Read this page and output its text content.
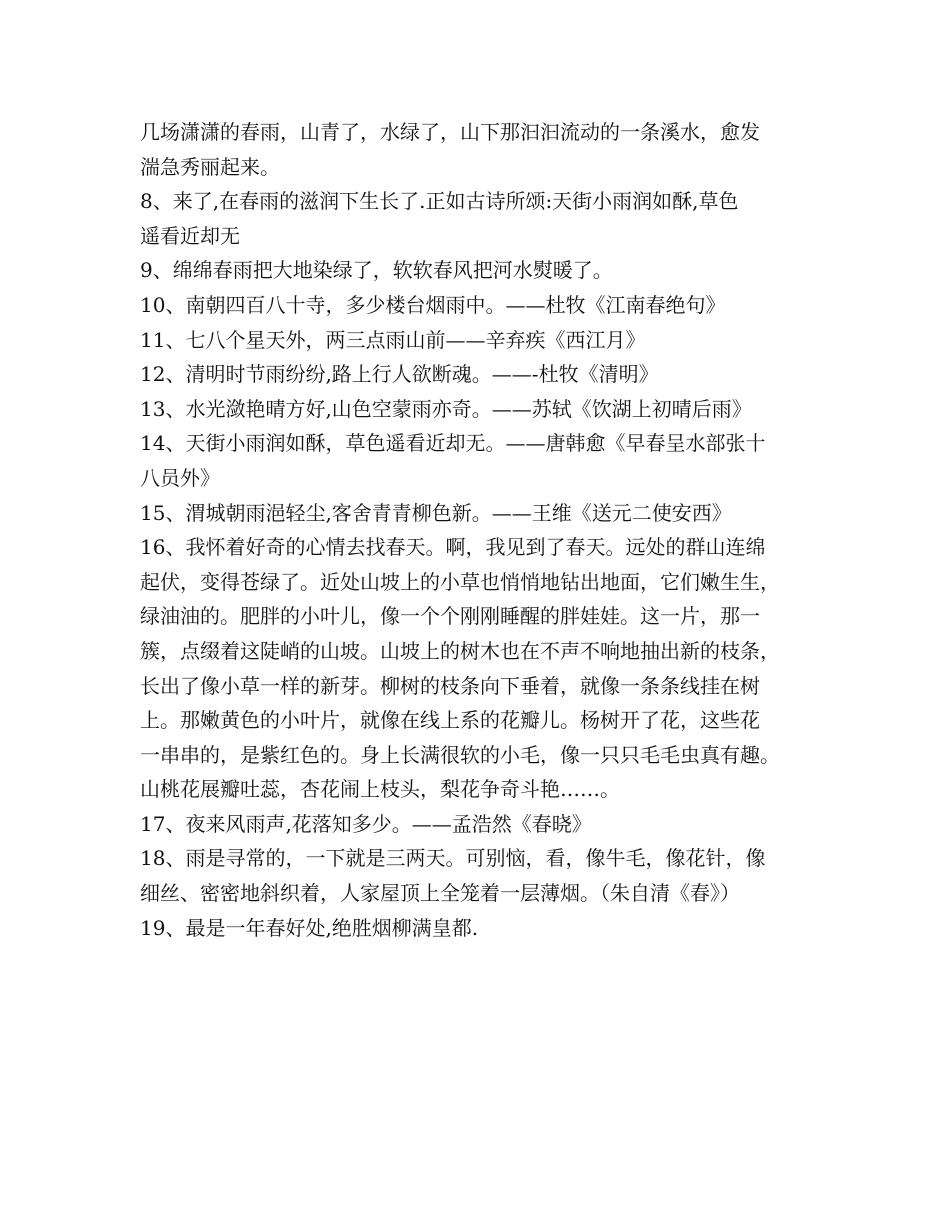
几场潇潇的春雨，山青了，水绿了，山下那汩汩流动的一条溪水，愈发
湍急秀丽起来。
8、来了,在春雨的滋润下生长了.正如古诗所颂:天街小雨润如酥,草色
遥看近却无
9、绵绵春雨把大地染绿了，软软春风把河水熨暖了。
10、南朝四百八十寺，多少楼台烟雨中。——杜牧《江南春绝句》
11、七八个星天外，两三点雨山前——辛弃疾《西江月》
12、清明时节雨纷纷,路上行人欲断魂。——-杜牧《清明》
13、水光潋艳晴方好,山色空蒙雨亦奇。——苏轼《饮湖上初晴后雨》
14、天街小雨润如酥，草色遥看近却无。——唐韩愈《早春呈水部张十
八员外》
15、渭城朝雨浥轻尘,客舍青青柳色新。——王维《送元二使安西》
16、我怀着好奇的心情去找春天。啊，我见到了春天。远处的群山连绵
起伏，变得苍绿了。近处山坡上的小草也悄悄地钻出地面，它们嫩生生，
绿油油的。肥胖的小叶儿，像一个个刚刚睡醒的胖娃娃。这一片，那一
簇，点缀着这陡峭的山坡。山坡上的树木也在不声不响地抽出新的枝条，
长出了像小草一样的新芽。柳树的枝条向下垂着，就像一条条线挂在树
上。那嫩黄色的小叶片，就像在线上系的花瓣儿。杨树开了花，这些花
一串串的，是紫红色的。身上长满很软的小毛，像一只只毛毛虫真有趣。
山桃花展瓣吐蕊，杏花闹上枝头，梨花争奇斗艳……。
17、夜来风雨声,花落知多少。——孟浩然《春晓》
18、雨是寻常的，一下就是三两天。可别恼，看，像牛毛，像花针，像
细丝、密密地斜织着，人家屋顶上全笼着一层薄烟。（朱自清《春》）
19、最是一年春好处,绝胜烟柳满皇都.
